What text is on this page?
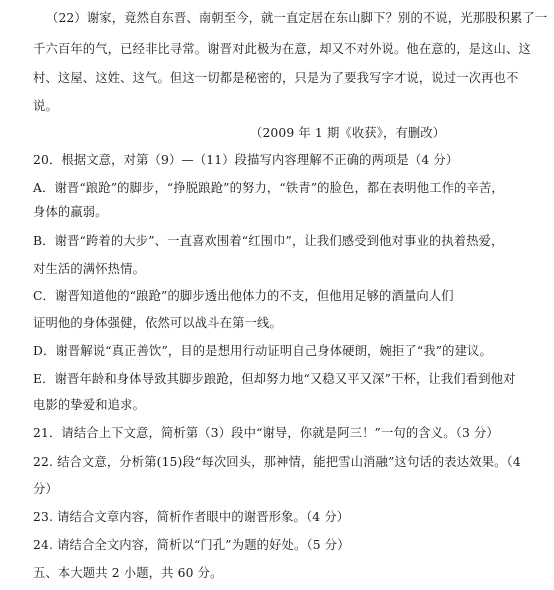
（22）谢家，竟然自东晋、南朝至今，就一直定居在东山脚下？别的不说，光那股积累了一
千六百年的气，已经非比寻常。谢晋对此极为在意，却又不对外说。他在意的，是这山、这
村、这屋、这姓、这气。但这一切都是秘密的，只是为了要我写字才说，说过一次再也不
说。
（2009 年 1 期《收获》，有删改）
20．根据文意，对第（9）—（11）段描写内容理解不正确的两项是（4 分）
A．谢晋“踉跄”的脚步，“挣脱踉跄”的努力，“铁青”的脸色，都在表明他工作的辛苦，
身体的羸弱。
B．谢晋“跨着的大步”、一直喜欢围着“红围巾”，让我们感受到他对事业的执着热爱，
对生活的满怀热情。
C．谢晋知道他的“踉跄”的脚步透出他体力的不支，但他用足够的酒量向人们
证明他的身体强健，依然可以战斗在第一线。
D．谢晋解说“真正善饮”，目的是想用行动证明自己身体硬朗，婉拒了“我”的建议。
E．谢晋年龄和身体导致其脚步踉跄，但却努力地“又稳又平又深”干杯，让我们看到他对
电影的挚爱和追求。
21．请结合上下文意，简析第（3）段中“谢导，你就是阿三！”一句的含义。（3 分）
22. 结合文意，分析第(15)段“每次回头，那神情，能把雪山消融”这句话的表达效果。（4
分）
23. 请结合文章内容，简析作者眼中的谢晋形象。（4 分）
24. 请结合全文内容，简析以“门孔”为题的好处。（5 分）
五、本大题共 2 小题，共 60 分。
